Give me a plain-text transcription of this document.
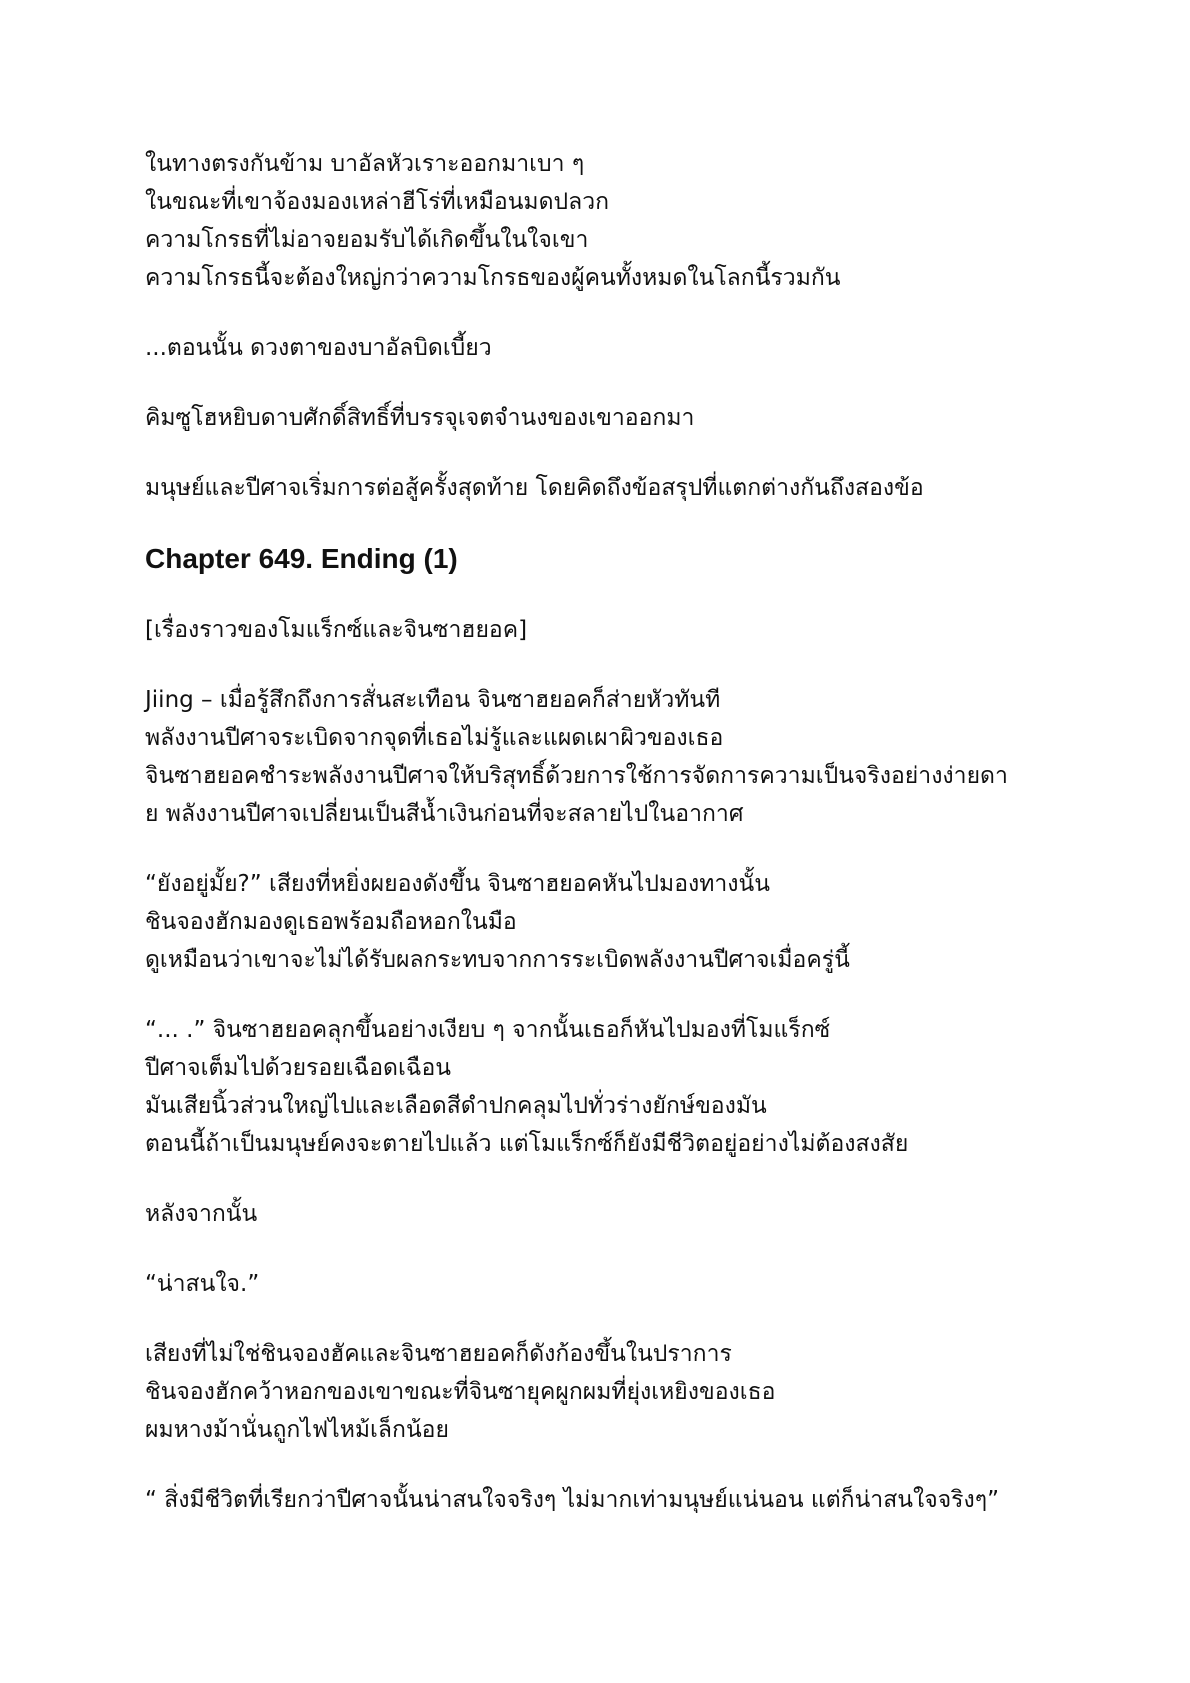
ในทางตรงกันข้าม บาอัลหัวเราะออกมาเบา ๆ
ในขณะที่เขาจ้องมองเหล่าฮีโร่ที่เหมือนมดปลวก
ความโกรธที่ไม่อาจยอมรับได้เกิดขึ้นในใจเขา
ความโกรธนี้จะต้องใหญ่กว่าความโกรธของผู้คนทั้งหมดในโลกนี้รวมกัน

...ตอนนั้น ดวงตาของบาอัลบิดเบี้ยว

คิมซูโฮหยิบดาบศักดิ์สิทธิ์ที่บรรจุเจตจำนงของเขาออกมา

มนุษย์และปีศาจเริ่มการต่อสู้ครั้งสุดท้าย โดยคิดถึงข้อสรุปที่แตกต่างกันถึงสองข้อ

Chapter 649. Ending (1)

[เรื่องราวของโมแร็กซ์และจินซาฮยอค]

Jiing – เมื่อรู้สึกถึงการสั่นสะเทือน จินซาฮยอคก็ส่ายหัวทันที
พลังงานปีศาจระเบิดจากจุดที่เธอไม่รู้และแผดเผาผิวของเธอ
จินซาฮยอคชำระพลังงานปีศาจให้บริสุทธิ์ด้วยการใช้การจัดการความเป็นจริงอย่างง่ายดา
ย พลังงานปีศาจเปลี่ยนเป็นสีน้ำเงินก่อนที่จะสลายไปในอากาศ

“ยังอยู่มั้ย?” เสียงที่หยิ่งผยองดังขึ้น จินซาฮยอคหันไปมองทางนั้น
ชินจองฮักมองดูเธอพร้อมถือหอกในมือ
ดูเหมือนว่าเขาจะไม่ได้รับผลกระทบจากการระเบิดพลังงานปีศาจเมื่อครู่นี้

“... .” จินซาฮยอคลุกขึ้นอย่างเงียบ ๆ จากนั้นเธอก็หันไปมองที่โมแร็กซ์
ปีศาจเต็มไปด้วยรอยเฉือดเฉือน
มันเสียนิ้วส่วนใหญ่ไปและเลือดสีดำปกคลุมไปทั่วร่างยักษ์ของมัน
ตอนนี้ถ้าเป็นมนุษย์คงจะตายไปแล้ว แต่โมแร็กซ์ก็ยังมีชีวิตอยู่อย่างไม่ต้องสงสัย

หลังจากนั้น

“น่าสนใจ.”

เสียงที่ไม่ใช่ชินจองฮัคและจินซาฮยอคก็ดังก้องขึ้นในปราการ
ชินจองฮักคว้าหอกของเขาขณะที่จินซายุคผูกผมที่ยุ่งเหยิงของเธอ
ผมหางม้านั่นถูกไฟไหม้เล็กน้อย

“ สิ่งมีชีวิตที่เรียกว่าปีศาจนั้นน่าสนใจจริงๆ ไม่มากเท่ามนุษย์แน่นอน แต่ก็น่าสนใจจริงๆ”
